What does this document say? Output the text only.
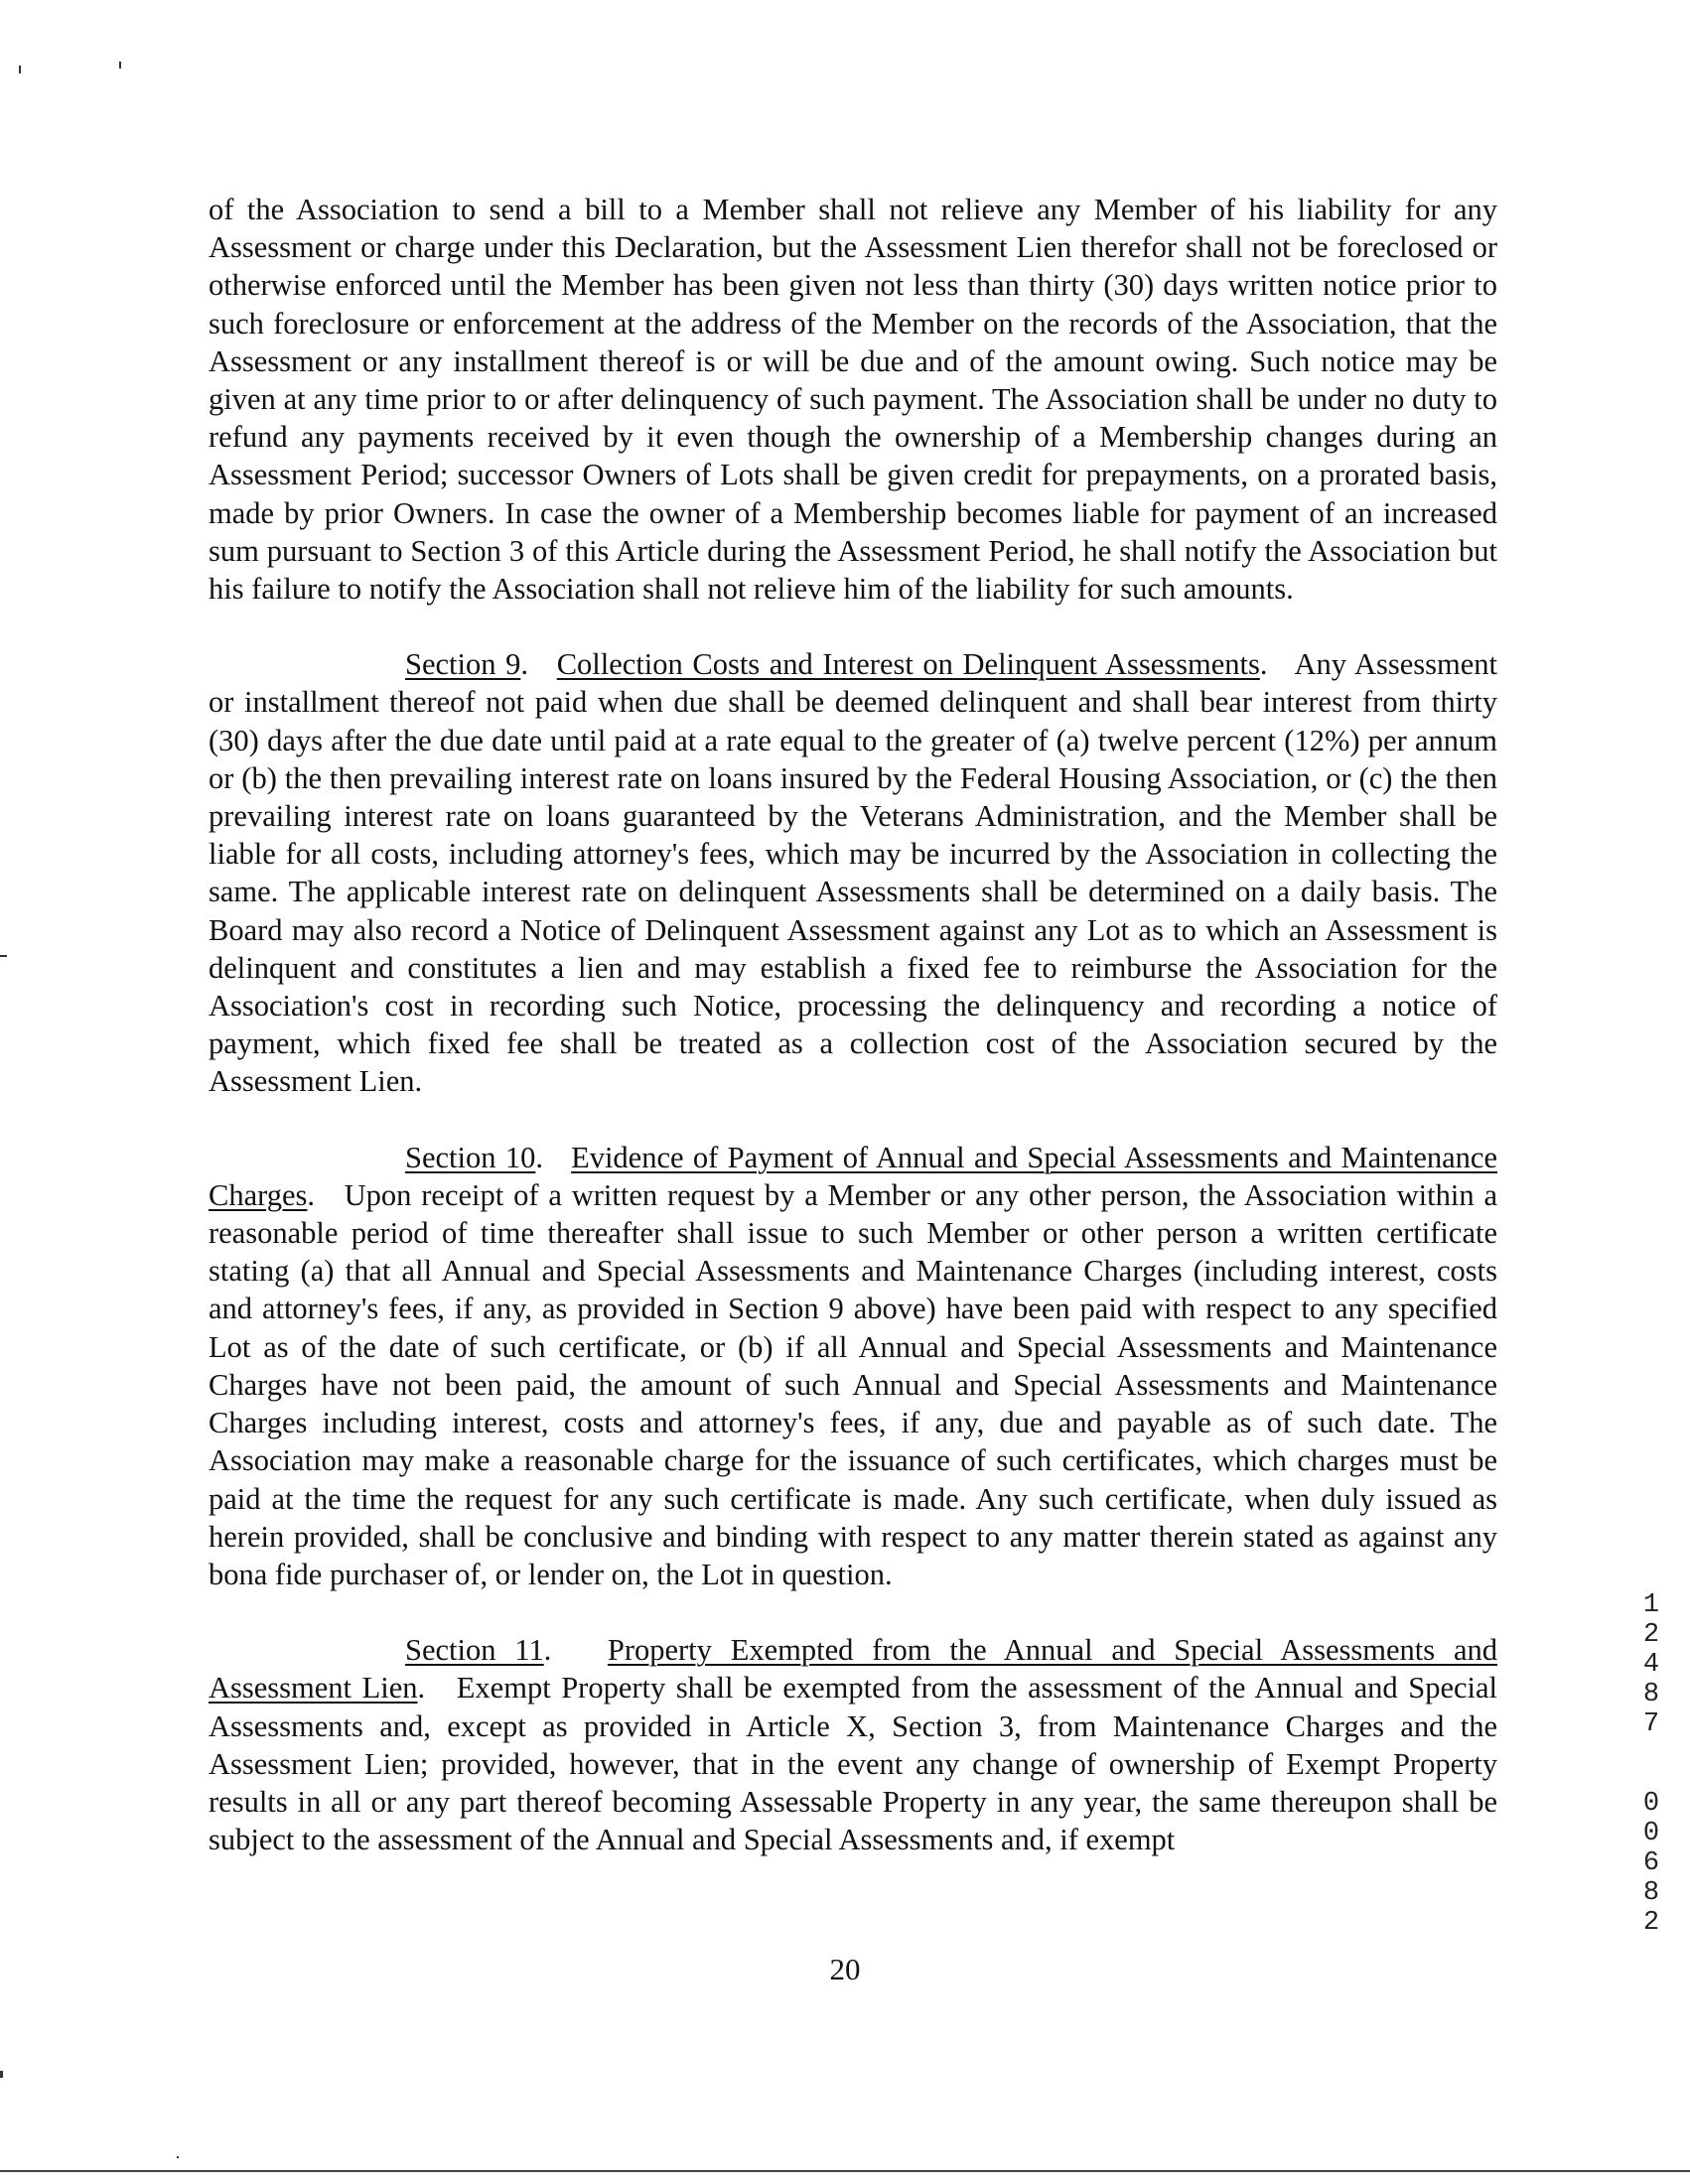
of the Association to send a bill to a Member shall not relieve any Member of his liability for any Assessment or charge under this Declaration, but the Assessment Lien therefor shall not be foreclosed or otherwise enforced until the Member has been given not less than thirty (30) days written notice prior to such foreclosure or enforcement at the address of the Member on the records of the Association, that the Assessment or any installment thereof is or will be due and of the amount owing. Such notice may be given at any time prior to or after delinquency of such payment. The Association shall be under no duty to refund any payments received by it even though the ownership of a Membership changes during an Assessment Period; successor Owners of Lots shall be given credit for prepayments, on a prorated basis, made by prior Owners. In case the owner of a Membership becomes liable for payment of an increased sum pursuant to Section 3 of this Article during the Assessment Period, he shall notify the Association but his failure to notify the Association shall not relieve him of the liability for such amounts.

Section 9.   Collection Costs and Interest on Delinquent Assessments.   Any Assessment or installment thereof not paid when due shall be deemed delinquent and shall bear interest from thirty (30) days after the due date until paid at a rate equal to the greater of (a) twelve percent (12%) per annum or (b) the then prevailing interest rate on loans insured by the Federal Housing Association, or (c) the then prevailing interest rate on loans guaranteed by the Veterans Administration, and the Member shall be liable for all costs, including attorney's fees, which may be incurred by the Association in collecting the same. The applicable interest rate on delinquent Assessments shall be determined on a daily basis. The Board may also record a Notice of Delinquent Assessment against any Lot as to which an Assessment is delinquent and constitutes a lien and may establish a fixed fee to reimburse the Association for the Association's cost in recording such Notice, processing the delinquency and recording a notice of payment, which fixed fee shall be treated as a collection cost of the Association secured by the Assessment Lien.

Section 10.   Evidence of Payment of Annual and Special Assessments and Maintenance Charges.   Upon receipt of a written request by a Member or any other person, the Association within a reasonable period of time thereafter shall issue to such Member or other person a written certificate stating (a) that all Annual and Special Assessments and Maintenance Charges (including interest, costs and attorney's fees, if any, as provided in Section 9 above) have been paid with respect to any specified Lot as of the date of such certificate, or (b) if all Annual and Special Assessments and Maintenance Charges have not been paid, the amount of such Annual and Special Assessments and Maintenance Charges including interest, costs and attorney's fees, if any, due and payable as of such date. The Association may make a reasonable charge for the issuance of such certificates, which charges must be paid at the time the request for any such certificate is made. Any such certificate, when duly issued as herein provided, shall be conclusive and binding with respect to any matter therein stated as against any bona fide purchaser of, or lender on, the Lot in question.

Section 11.   Property Exempted from the Annual and Special Assessments and Assessment Lien.   Exempt Property shall be exempted from the assessment of the Annual and Special Assessments and, except as provided in Article X, Section 3, from Maintenance Charges and the Assessment Lien; provided, however, that in the event any change of ownership of Exempt Property results in all or any part thereof becoming Assessable Property in any year, the same thereupon shall be subject to the assessment of the Annual and Special Assessments and, if exempt

20
1
2
4
8
7
0
0
6
8
2
